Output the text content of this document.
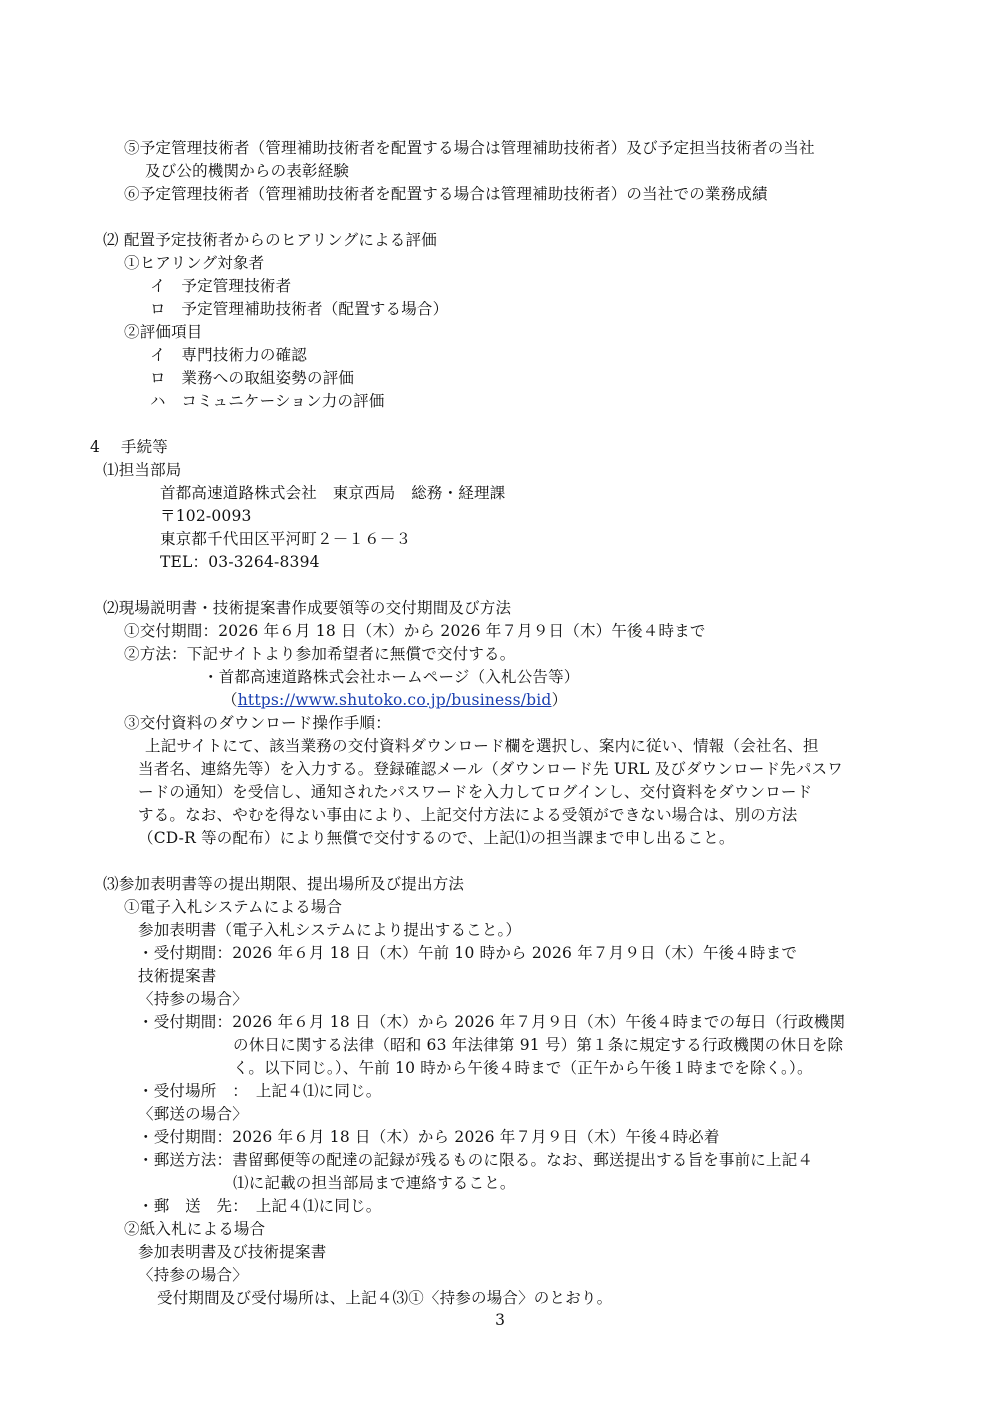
⑤予定管理技術者（管理補助技術者を配置する場合は管理補助技術者）及び予定担当技術者の当社
及び公的機関からの表彰経験
⑥予定管理技術者（管理補助技術者を配置する場合は管理補助技術者）の当社での業務成績
⑵ 配置予定技術者からのヒアリングによる評価
①ヒアリング対象者
イ　予定管理技術者
ロ　予定管理補助技術者（配置する場合）
②評価項目
イ　専門技術力の確認
ロ　業務への取組姿勢の評価
ハ　コミュニケーション力の評価
4　 手続等
⑴担当部局
首都高速道路株式会社　東京西局　総務・経理課
〒102-0093
東京都千代田区平河町２－１６－３
TEL：03-3264-8394
⑵現場説明書・技術提案書作成要領等の交付期間及び方法
①交付期間：2026 年６月 18 日（木）から 2026 年７月９日（木）午後４時まで
②方法：下記サイトより参加希望者に無償で交付する。
・首都高速道路株式会社ホームページ（入札公告等）
（https://www.shutoko.co.jp/business/bid）
③交付資料のダウンロード操作手順：
上記サイトにて、該当業務の交付資料ダウンロード欄を選択し、案内に従い、情報（会社名、担
当者名、連絡先等）を入力する。登録確認メール（ダウンロード先 URL 及びダウンロード先パスワ
ードの通知）を受信し、通知されたパスワードを入力してログインし、交付資料をダウンロード
する。なお、やむを得ない事由により、上記交付方法による受領ができない場合は、別の方法
（CD-R 等の配布）により無償で交付するので、上記⑴の担当課まで申し出ること。
⑶参加表明書等の提出期限、提出場所及び提出方法
①電子入札システムによる場合
参加表明書（電子入札システムにより提出すること。）
・受付期間：2026 年６月 18 日（木）午前 10 時から 2026 年７月９日（木）午後４時まで
技術提案書
〈持参の場合〉
・受付期間：2026 年６月 18 日（木）から 2026 年７月９日（木）午後４時までの毎日（行政機関
の休日に関する法律（昭和 63 年法律第 91 号）第１条に規定する行政機関の休日を除
く。以下同じ。）、午前 10 時から午後４時まで（正午から午後１時までを除く。）。
・受付場所　：　上記４⑴に同じ。
〈郵送の場合〉
・受付期間：2026 年６月 18 日（木）から 2026 年７月９日（木）午後４時必着
・郵送方法：書留郵便等の配達の記録が残るものに限る。なお、郵送提出する旨を事前に上記４
⑴に記載の担当部局まで連絡すること。
・郵　送　先：　上記４⑴に同じ。
②紙入札による場合
参加表明書及び技術提案書
〈持参の場合〉
受付期間及び受付場所は、上記４⑶①〈持参の場合〉のとおり。
3
